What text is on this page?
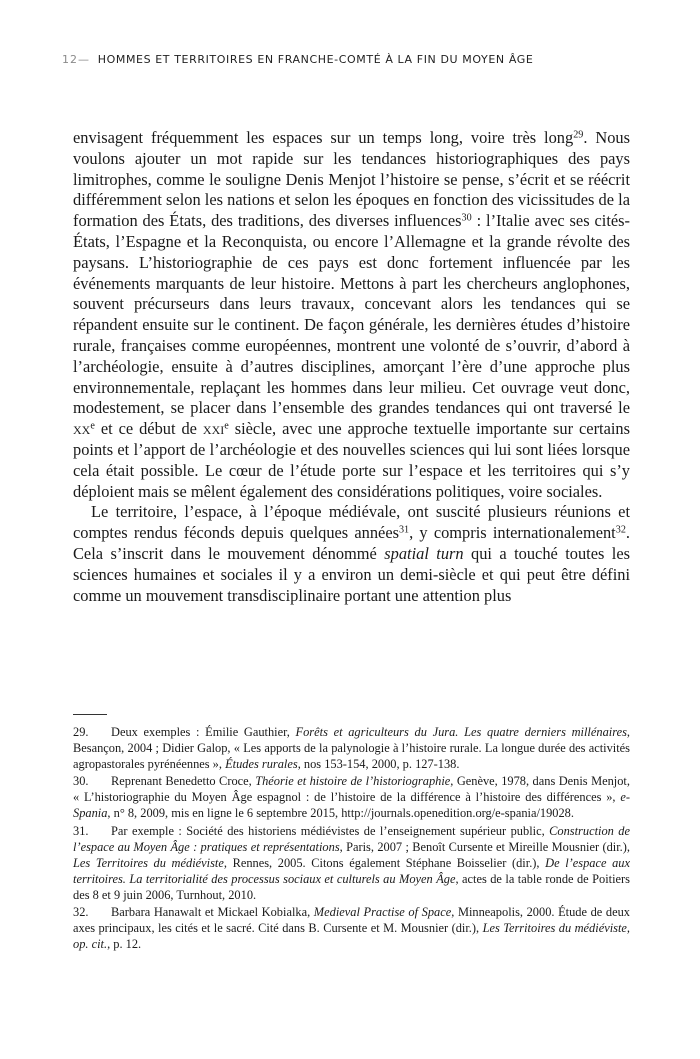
12— HOMMES ET TERRITOIRES EN FRANCHE-COMTÉ À LA FIN DU MOYEN ÂGE

envisagent fréquemment les espaces sur un temps long, voire très long$^{29}$. Nous voulons ajouter un mot rapide sur les tendances historiographiques des pays limitrophes, comme le souligne Denis Menjot l’histoire se pense, s’écrit et se réécrit différemment selon les nations et selon les époques en fonction des vicissitudes de la formation des États, des traditions, des diverses influences$^{30}$ : l’Italie avec ses cités-États, l’Espagne et la Reconquista, ou encore l’Allemagne et la grande révolte des paysans. L’historiographie de ces pays est donc fortement influencée par les événements marquants de leur histoire. Mettons à part les chercheurs anglophones, souvent précurseurs dans leurs travaux, concevant alors les tendances qui se répandent ensuite sur le continent. De façon générale, les dernières études d’histoire rurale, françaises comme européennes, montrent une volonté de s’ouvrir, d’abord à l’archéologie, ensuite à d’autres disciplines, amorçant l’ère d’une approche plus environnementale, replaçant les hommes dans leur milieu. Cet ouvrage veut donc, modestement, se placer dans l’ensemble des grandes tendances qui ont traversé le $xx^e$ et ce début de xxi$^e$ siècle, avec une approche textuelle importante sur certains points et l’apport de l’archéologie et des nouvelles sciences qui lui sont liées lorsque cela était possible. Le cœur de l’étude porte sur l’espace et les territoires qui s’y déploient mais se mêlent également des considérations politiques, voire sociales.

Le territoire, l’espace, à l’époque médiévale, ont suscité plusieurs réunions et comptes rendus féconds depuis quelques années$^{31}$, y compris internationalement$^{32}$. Cela s’inscrit dans le mouvement dénommé spatial turn qui a touché toutes les sciences humaines et sociales il y a environ un demi-siècle et qui peut être défini comme un mouvement transdisciplinaire portant une attention plus

29. Deux exemples : Émilie Gauthier, Forêts et agriculteurs du Jura. Les quatre derniers millénaires, Besançon, 2004 ; Didier Galop, « Les apports de la palynologie à l’histoire rurale. La longue durée des activités agropastorales pyrénéennes », Études rurales, nos 153-154, 2000, p. 127-138.

30. Reprenant Benedetto Croce, Théorie et histoire de l’historiographie, Genève, 1978, dans Denis Menjot, « L’historiographie du Moyen Âge espagnol : de l’histoire de la différence à l’histoire des différences », e-Spania, n° 8, 2009, mis en ligne le 6 septembre 2015, http://journals.openedition.org/e-spania/19028.

31. Par exemple : Société des historiens médiévistes de l’enseignement supérieur public, Construction de l’espace au Moyen Âge : pratiques et représentations, Paris, 2007 ; Benoît Cursente et Mireille Mousnier (dir.), Les Territoires du médiéviste, Rennes, 2005. Citons également Stéphane Boisselier (dir.), De l’espace aux territoires. La territorialité des processus sociaux et culturels au Moyen Âge, actes de la table ronde de Poitiers des 8 et 9 juin 2006, Turnhout, 2010.

32. Barbara Hanawalt et Mickael Kobialka, Medieval Practise of Space, Minneapolis, 2000. Étude de deux axes principaux, les cités et le sacré. Cité dans B. Cursente et M. Mousnier (dir.), Les Territoires du médiéviste, op. cit., p. 12.
